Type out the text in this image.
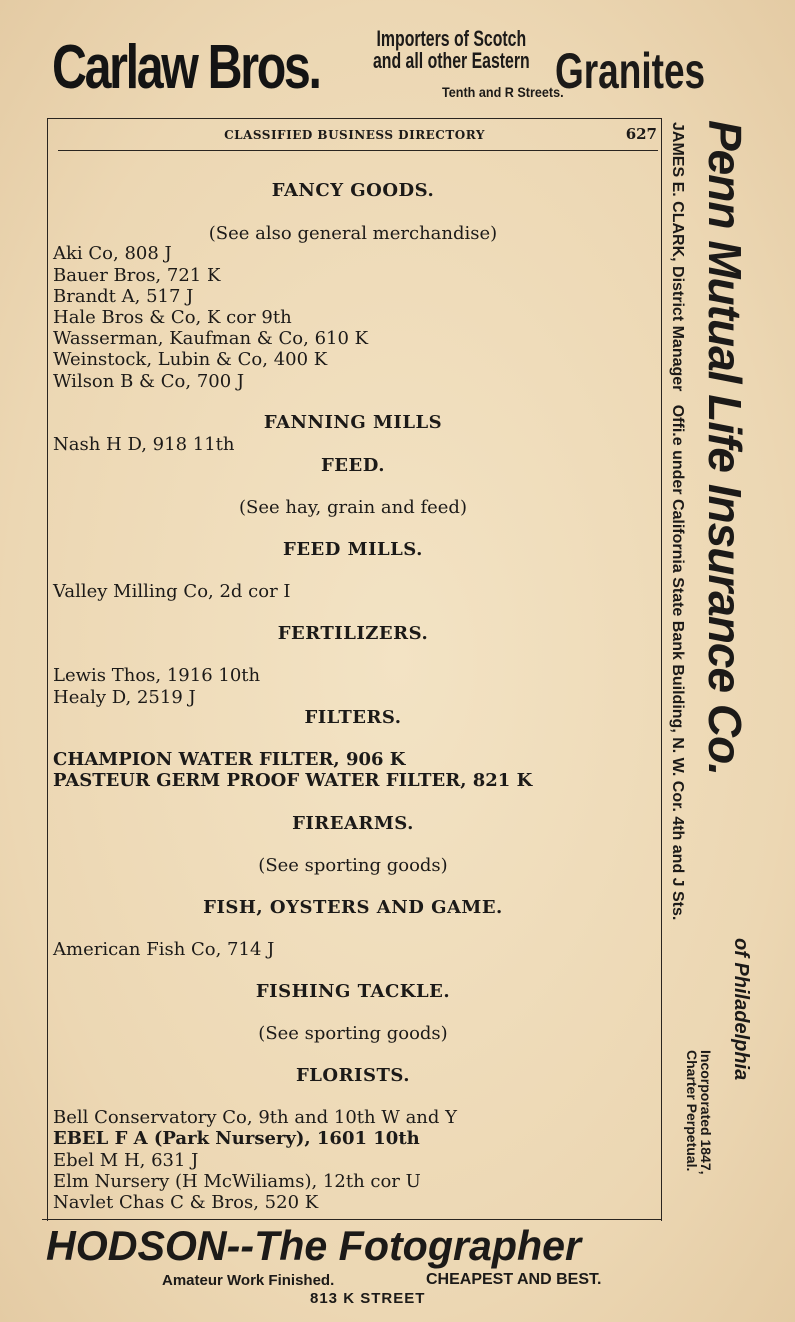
Carlaw Bros.	Importers of Scotch
and all other Eastern Granites
Tenth and R Streets.
CLASSIFIED BUSINESS DIRECTORY	627
FANCY GOODS.
(See also general merchandise)
Aki Co, 808 J
Bauer Bros, 721 K
Brandt A, 517 J
Hale Bros & Co, K cor 9th
Wasserman, Kaufman & Co, 610 K
Weinstock, Lubin & Co, 400 K
Wilson B & Co, 700 J
FANNING MILLS
Nash H D, 918 11th
FEED.
(See hay, grain and feed)
FEED MILLS.
Valley Milling Co, 2d cor I
FERTILIZERS.
Lewis Thos, 1916 10th
Healy D, 2519 J
FILTERS.
CHAMPION WATER FILTER, 906 K
PASTEUR GERM PROOF WATER FILTER, 821 K
FIREARMS.
(See sporting goods)
FISH, OYSTERS AND GAME.
American Fish Co, 714 J
FISHING TACKLE.
(See sporting goods)
FLORISTS.
Bell Conservatory Co, 9th and 10th W and Y
EBEL F A (Park Nursery), 1601 10th
Ebel M H, 631 J
Elm Nursery (H McWiliams), 12th cor U
Navlet Chas C & Bros, 520 K
Penn Mutual Life Insurance Co.
JAMES E. CLARK, District Manager   Offi.e under California State Bank Building, N. W. Cor. 4th and J Sts.
of Philadelphia
Incorporated 1847,
Charter Perpetual.
HODSON--The Fotographer
Amateur Work Finished.	CHEAPEST AND BEST.
813 K STREET
